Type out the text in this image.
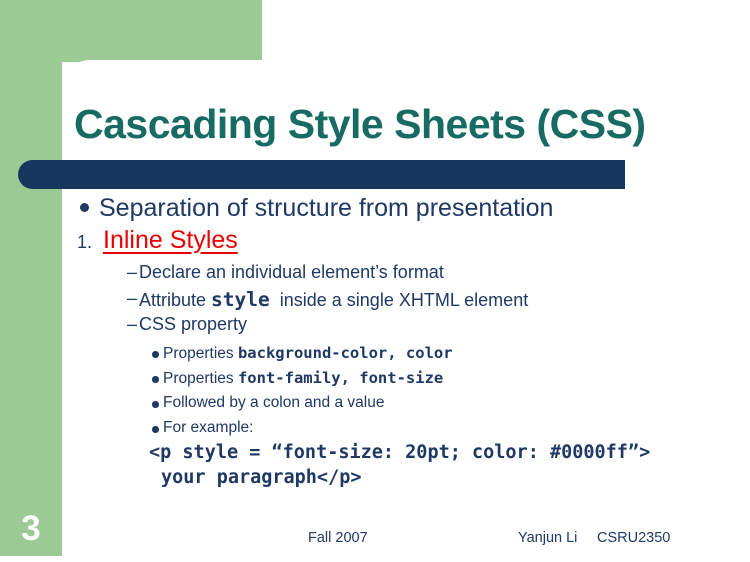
Cascading Style Sheets (CSS)
Separation of structure from presentation
1. Inline Styles
– Declare an individual element’s format
– Attribute style  inside a single XHTML element
– CSS property
Properties background-color, color
Properties font-family, font-size
Followed by a colon and a value
For example:
<p style = “font-size: 20pt; color: #0000ff”>
your paragraph</p>
Fall 2007	Yanjun Li CSRU2350
3
